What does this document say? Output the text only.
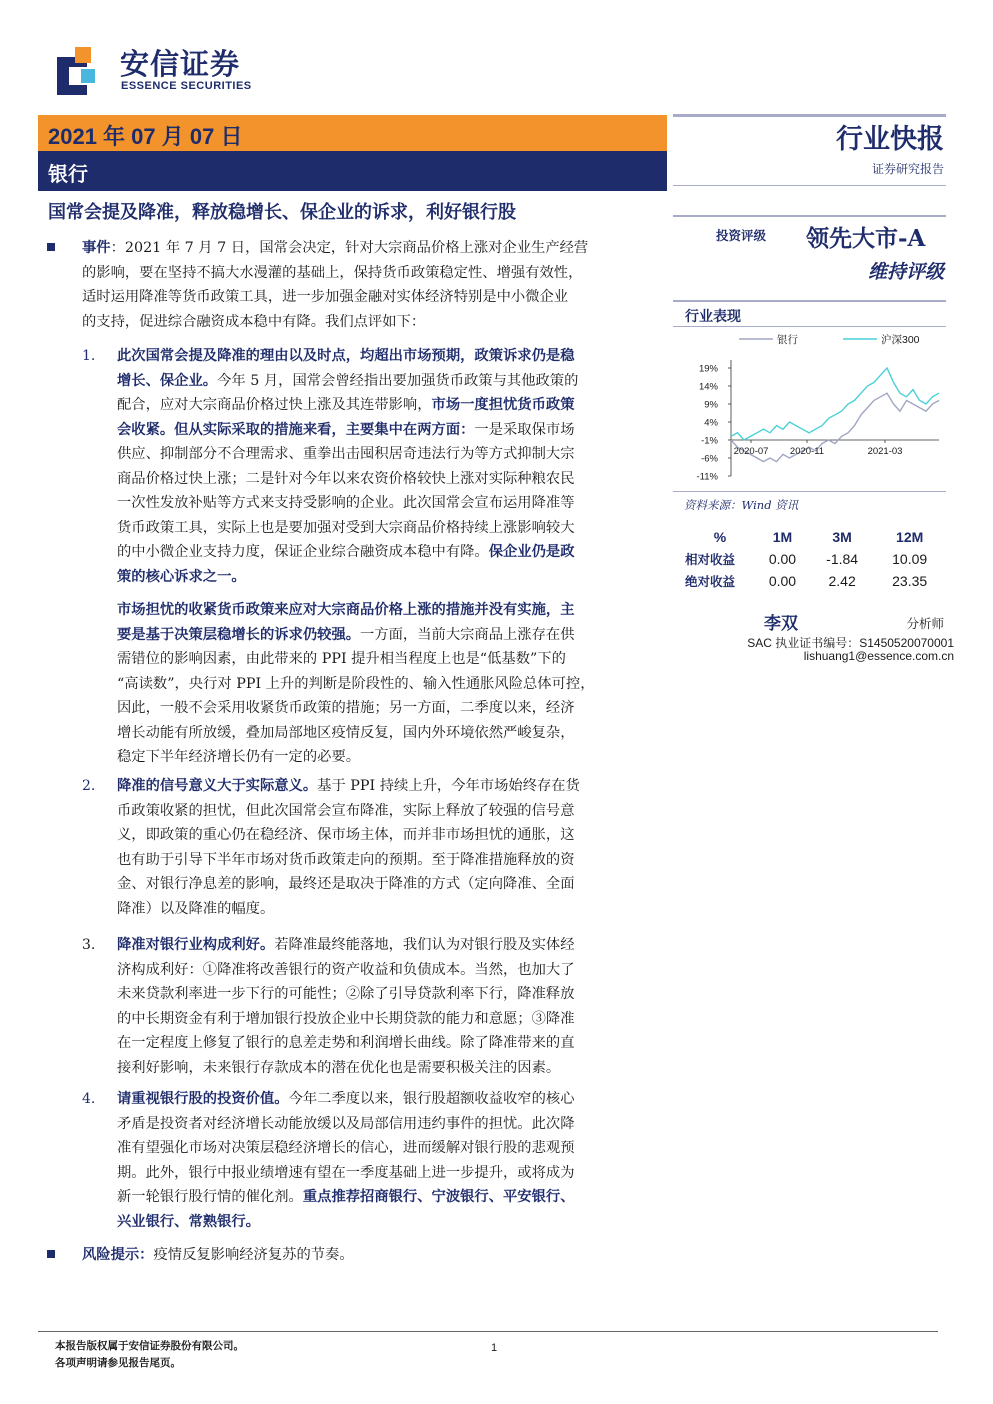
安信证券
ESSENCE SECURITIES
2021 年 07 月 07 日
银行
行业快报
证券研究报告
国常会提及降准，释放稳增长、保企业的诉求，利好银行股
事件：2021 年 7 月 7 日，国常会决定，针对大宗商品价格上涨对企业生产经营
的影响，要在坚持不搞大水漫灌的基础上，保持货币政策稳定性、增强有效性，
适时运用降准等货币政策工具，进一步加强金融对实体经济特别是中小微企业
的支持，促进综合融资成本稳中有降。我们点评如下：
1. 此次国常会提及降准的理由以及时点，均超出市场预期，政策诉求仍是稳
增长、保企业。今年 5 月，国常会曾经指出要加强货币政策与其他政策的
配合，应对大宗商品价格过快上涨及其连带影响，市场一度担忧货币政策
会收紧。但从实际采取的措施来看，主要集中在两方面：一是采取保市场
供应、抑制部分不合理需求、重拳出击囤积居奇违法行为等方式抑制大宗
商品价格过快上涨；二是针对今年以来农资价格较快上涨对实际种粮农民
一次性发放补贴等方式来支持受影响的企业。此次国常会宣布运用降准等
货币政策工具，实际上也是要加强对受到大宗商品价格持续上涨影响较大
的中小微企业支持力度，保证企业综合融资成本稳中有降。保企业仍是政
策的核心诉求之一。
市场担忧的收紧货币政策来应对大宗商品价格上涨的措施并没有实施，主
要是基于决策层稳增长的诉求仍较强。一方面，当前大宗商品上涨存在供
需错位的影响因素，由此带来的 PPI 提升相当程度上也是“低基数”下的
“高读数”，央行对 PPI 上升的判断是阶段性的、输入性通胀风险总体可控，
因此，一般不会采用收紧货币政策的措施；另一方面，二季度以来，经济
增长动能有所放缓，叠加局部地区疫情反复，国内外环境依然严峻复杂，
稳定下半年经济增长仍有一定的必要。
2. 降准的信号意义大于实际意义。基于 PPI 持续上升，今年市场始终存在货
币政策收紧的担忧，但此次国常会宣布降准，实际上释放了较强的信号意
义，即政策的重心仍在稳经济、保市场主体，而并非市场担忧的通胀，这
也有助于引导下半年市场对货币政策走向的预期。至于降准措施释放的资
金、对银行净息差的影响，最终还是取决于降准的方式（定向降准、全面
降准）以及降准的幅度。
3. 降准对银行业构成利好。若降准最终能落地，我们认为对银行股及实体经
济构成利好：①降准将改善银行的资产收益和负债成本。当然，也加大了
未来贷款利率进一步下行的可能性；②除了引导贷款利率下行，降准释放
的中长期资金有利于增加银行投放企业中长期贷款的能力和意愿；③降准
在一定程度上修复了银行的息差走势和利润增长曲线。除了降准带来的直
接利好影响，未来银行存款成本的潜在优化也是需要积极关注的因素。
4. 请重视银行股的投资价值。今年二季度以来，银行股超额收益收窄的核心
矛盾是投资者对经济增长动能放缓以及局部信用违约事件的担忧。此次降
准有望强化市场对决策层稳经济增长的信心，进而缓解对银行股的悲观预
期。此外，银行中报业绩增速有望在一季度基础上进一步提升，或将成为
新一轮银行股行情的催化剂。重点推荐招商银行、宁波银行、平安银行、
兴业银行、常熟银行。
风险提示：疫情反复影响经济复苏的节奏。
投资评级 领先大市-A
维持评级
行业表现
银行	沪深300
19%
14%
9%
4%
-1%
-6%
-11%
2020-07 2020-11	2021-03
资料来源：Wind 资讯
%	1M	3M	12M
相对收益	0.00	-1.84	10.09
绝对收益	0.00	2.42	23.35
李双	分析师
SAC 执业证书编号：S1450520070001
lishuang1@essence.com.cn
本报告版权属于安信证券股份有限公司。
各项声明请参见报告尾页。
1
